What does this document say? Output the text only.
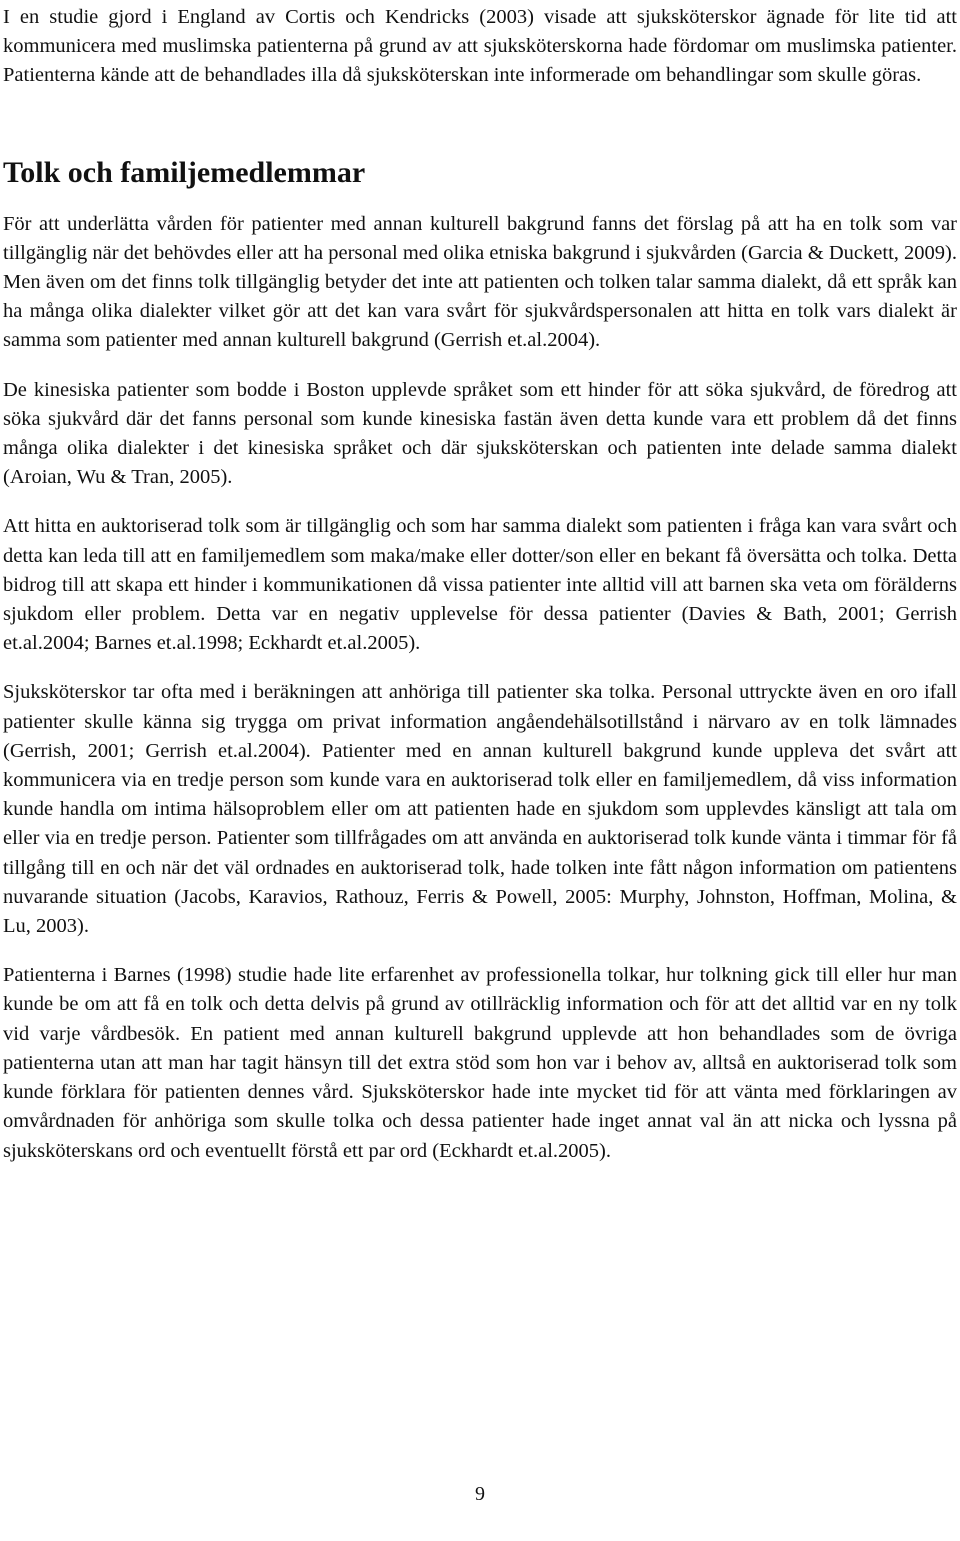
I en studie gjord i England av Cortis och Kendricks (2003) visade att sjuksköterskor ägnade för lite tid att kommunicera med muslimska patienterna på grund av att sjuksköterskorna hade fördomar om muslimska patienter. Patienterna kände att de behandlades illa då sjuksköterskan inte informerade om behandlingar som skulle göras.

Tolk och familjemedlemmar

För att underlätta vården för patienter med annan kulturell bakgrund fanns det förslag på att ha en tolk som var tillgänglig när det behövdes eller att ha personal med olika etniska bakgrund i sjukvården (Garcia & Duckett, 2009). Men även om det finns tolk tillgänglig betyder det inte att patienten och tolken talar samma dialekt, då ett språk kan ha många olika dialekter vilket gör att det kan vara svårt för sjukvårdspersonalen att hitta en tolk vars dialekt är samma som patienter med annan kulturell bakgrund (Gerrish et.al.2004).

De kinesiska patienter som bodde i Boston upplevde språket som ett hinder för att söka sjukvård, de föredrog att söka sjukvård där det fanns personal som kunde kinesiska fastän även detta kunde vara ett problem då det finns många olika dialekter i det kinesiska språket och där sjuksköterskan och patienten inte delade samma dialekt (Aroian, Wu & Tran, 2005).

Att hitta en auktoriserad tolk som är tillgänglig och som har samma dialekt som patienten i fråga kan vara svårt och detta kan leda till att en familjemedlem som maka/make eller dotter/son eller en bekant få översätta och tolka. Detta bidrog till att skapa ett hinder i kommunikationen då vissa patienter inte alltid vill att barnen ska veta om förälderns sjukdom eller problem. Detta var en negativ upplevelse för dessa patienter (Davies & Bath, 2001; Gerrish et.al.2004; Barnes et.al.1998; Eckhardt et.al.2005).

Sjuksköterskor tar ofta med i beräkningen att anhöriga till patienter ska tolka. Personal uttryckte även en oro ifall patienter skulle känna sig trygga om privat information angåendehälsotillstånd i närvaro av en tolk lämnades (Gerrish, 2001; Gerrish et.al.2004). Patienter med en annan kulturell bakgrund kunde uppleva det svårt att kommunicera via en tredje person som kunde vara en auktoriserad tolk eller en familjemedlem, då viss information kunde handla om intima hälsoproblem eller om att patienten hade en sjukdom som upplevdes känsligt att tala om eller via en tredje person. Patienter som tillfrågades om att använda en auktoriserad tolk kunde vänta i timmar för få tillgång till en och när det väl ordnades en auktoriserad tolk, hade tolken inte fått någon information om patientens nuvarande situation (Jacobs, Karavios, Rathouz, Ferris & Powell, 2005: Murphy, Johnston, Hoffman, Molina, & Lu, 2003).

Patienterna i Barnes (1998) studie hade lite erfarenhet av professionella tolkar, hur tolkning gick till eller hur man kunde be om att få en tolk och detta delvis på grund av otillräcklig information och för att det alltid var en ny tolk vid varje vårdbesök. En patient med annan kulturell bakgrund upplevde att hon behandlades som de övriga patienterna utan att man har tagit hänsyn till det extra stöd som hon var i behov av, alltså en auktoriserad tolk som kunde förklara för patienten dennes vård. Sjuksköterskor hade inte mycket tid för att vänta med förklaringen av omvårdnaden för anhöriga som skulle tolka och dessa patienter hade inget annat val än att nicka och lyssna på sjuksköterskans ord och eventuellt förstå ett par ord (Eckhardt et.al.2005).

9
